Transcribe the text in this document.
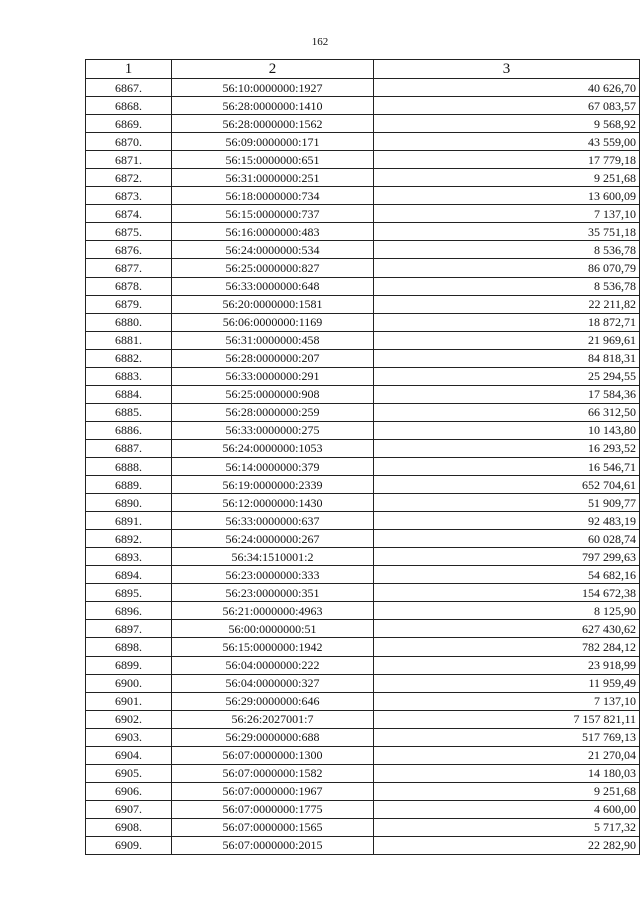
162
1	2	3
6867.	56:10:0000000:1927	40 626,70
6868.	56:28:0000000:1410	67 083,57
6869.	56:28:0000000:1562	9 568,92
6870.	56:09:0000000:171	43 559,00
6871.	56:15:0000000:651	17 779,18
6872.	56:31:0000000:251	9 251,68
6873.	56:18:0000000:734	13 600,09
6874.	56:15:0000000:737	7 137,10
6875.	56:16:0000000:483	35 751,18
6876.	56:24:0000000:534	8 536,78
6877.	56:25:0000000:827	86 070,79
6878.	56:33:0000000:648	8 536,78
6879.	56:20:0000000:1581	22 211,82
6880.	56:06:0000000:1169	18 872,71
6881.	56:31:0000000:458	21 969,61
6882.	56:28:0000000:207	84 818,31
6883.	56:33:0000000:291	25 294,55
6884.	56:25:0000000:908	17 584,36
6885.	56:28:0000000:259	66 312,50
6886.	56:33:0000000:275	10 143,80
6887.	56:24:0000000:1053	16 293,52
6888.	56:14:0000000:379	16 546,71
6889.	56:19:0000000:2339	652 704,61
6890.	56:12:0000000:1430	51 909,77
6891.	56:33:0000000:637	92 483,19
6892.	56:24:0000000:267	60 028,74
6893.	56:34:1510001:2	797 299,63
6894.	56:23:0000000:333	54 682,16
6895.	56:23:0000000:351	154 672,38
6896.	56:21:0000000:4963	8 125,90
6897.	56:00:0000000:51	627 430,62
6898.	56:15:0000000:1942	782 284,12
6899.	56:04:0000000:222	23 918,99
6900.	56:04:0000000:327	11 959,49
6901.	56:29:0000000:646	7 137,10
6902.	56:26:2027001:7	7 157 821,11
6903.	56:29:0000000:688	517 769,13
6904.	56:07:0000000:1300	21 270,04
6905.	56:07:0000000:1582	14 180,03
6906.	56:07:0000000:1967	9 251,68
6907.	56:07:0000000:1775	4 600,00
6908.	56:07:0000000:1565	5 717,32
6909.	56:07:0000000:2015	22 282,90
